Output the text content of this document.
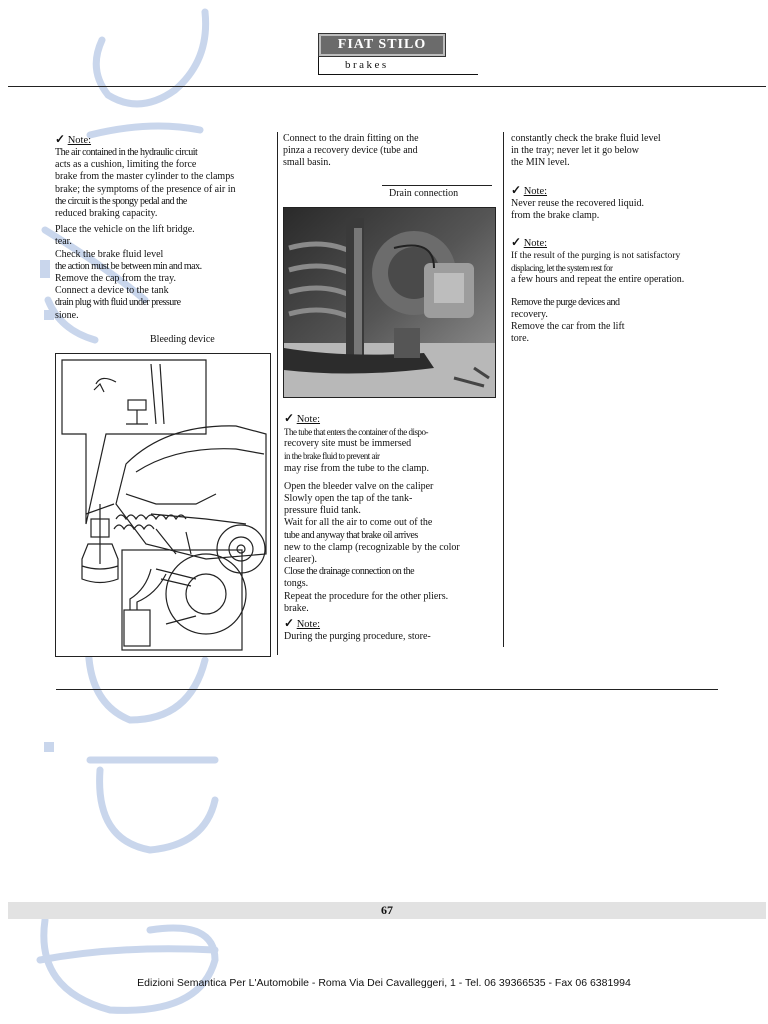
FIAT STILO
brakes
✓ Note:

The air contained in the hydraulic circuit

acts as a cushion, limiting the force

brake from the master cylinder to the clamps

brake; the symptoms of the presence of air in

the circuit is the spongy pedal and the

reduced braking capacity.

Place the vehicle on the lift bridge.

tear.

Check the brake fluid level

the action must be between min and max.

Remove the cap from the tray.

Connect a device to the tank

drain plug with fluid under pressure

sione.

Bleeding device

Connect to the drain fitting on the

pinza a recovery device (tube and

small basin.

Drain connection
✓ Note:

The tube that enters the container of the dispo-

recovery site must be immersed

in the brake fluid to prevent air

may rise from the tube to the clamp.

Open the bleeder valve on the caliper

Slowly open the tap of the tank-

pressure fluid tank.

Wait for all the air to come out of the

tube and anyway that brake oil arrives

new to the clamp (recognizable by the color

clearer).

Close the drainage connection on the

tongs.

Repeat the procedure for the other pliers.

brake.

✓ Note:

During the purging procedure, store-

constantly check the brake fluid level

in the tray; never let it go below

the MIN level.

✓ Note:

Never reuse the recovered liquid.

from the brake clamp.

✓ Note:

If the result of the purging is not satisfactory

displacing, let the system rest for

a few hours and repeat the entire operation.

Remove the purge devices and

recovery.

Remove the car from the lift

tore.

67
Edizioni Semantica Per L'Automobile - Roma Via Dei Cavalleggeri, 1 - Tel. 06 39366535 - Fax 06 6381994
